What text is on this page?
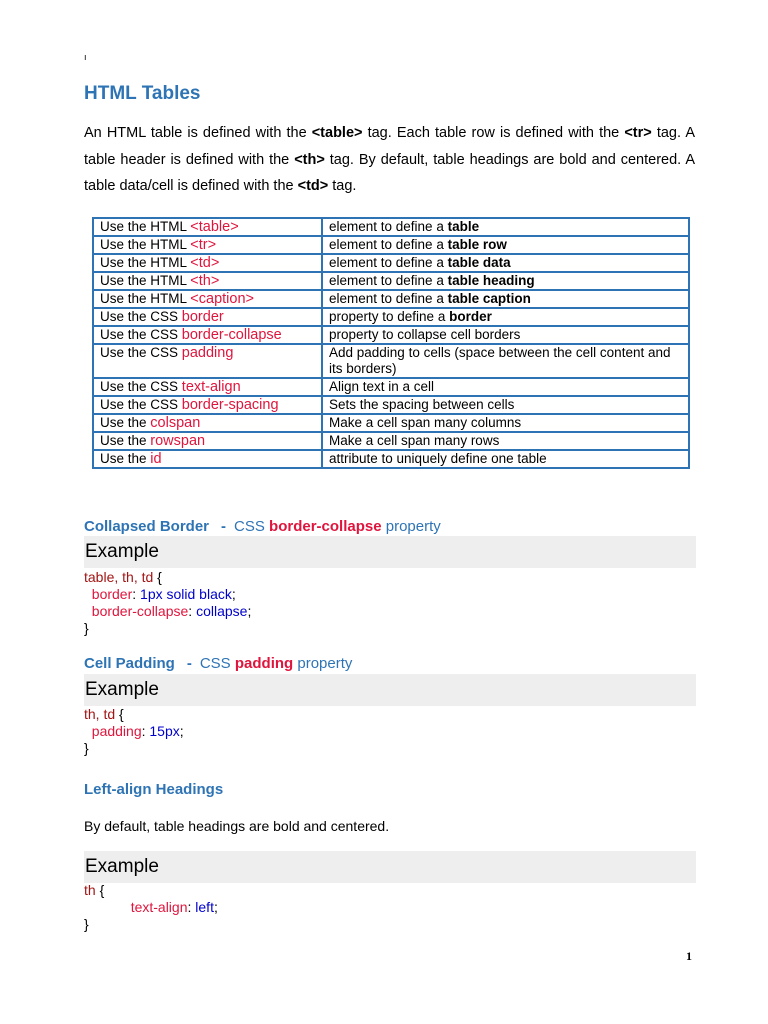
ı
HTML Tables

An HTML table is defined with the <table> tag. Each table row is defined with the <tr> tag. A table header is defined with the <th> tag. By default, table headings are bold and centered. A table data/cell is defined with the <td> tag.

Use the HTML <table>	element to define a table
Use the HTML <tr>	element to define a table row
Use the HTML <td>	element to define a table data
Use the HTML <th>	element to define a table heading
Use the HTML <caption>	element to define a table caption
Use the CSS border	property to define a border
Use the CSS border-collapse	property to collapse cell borders
Use the CSS padding	Add padding to cells (space between the cell content and its borders)
Use the CSS text-align	Align text in a cell
Use the CSS border-spacing	Sets the spacing between cells
Use the colspan	Make a cell span many columns
Use the rowspan	Make a cell span many rows
Use the id	attribute to uniquely define one table
Collapsed Border - CSS border-collapse property
Example
table, th, td {
border: 1px solid black;
border-collapse: collapse;
}
Cell Padding - CSS padding property
Example
th, td {
padding: 15px;
}
Left-align Headings

By default, table headings are bold and centered.

Example
th {
text-align: left;
}
1
